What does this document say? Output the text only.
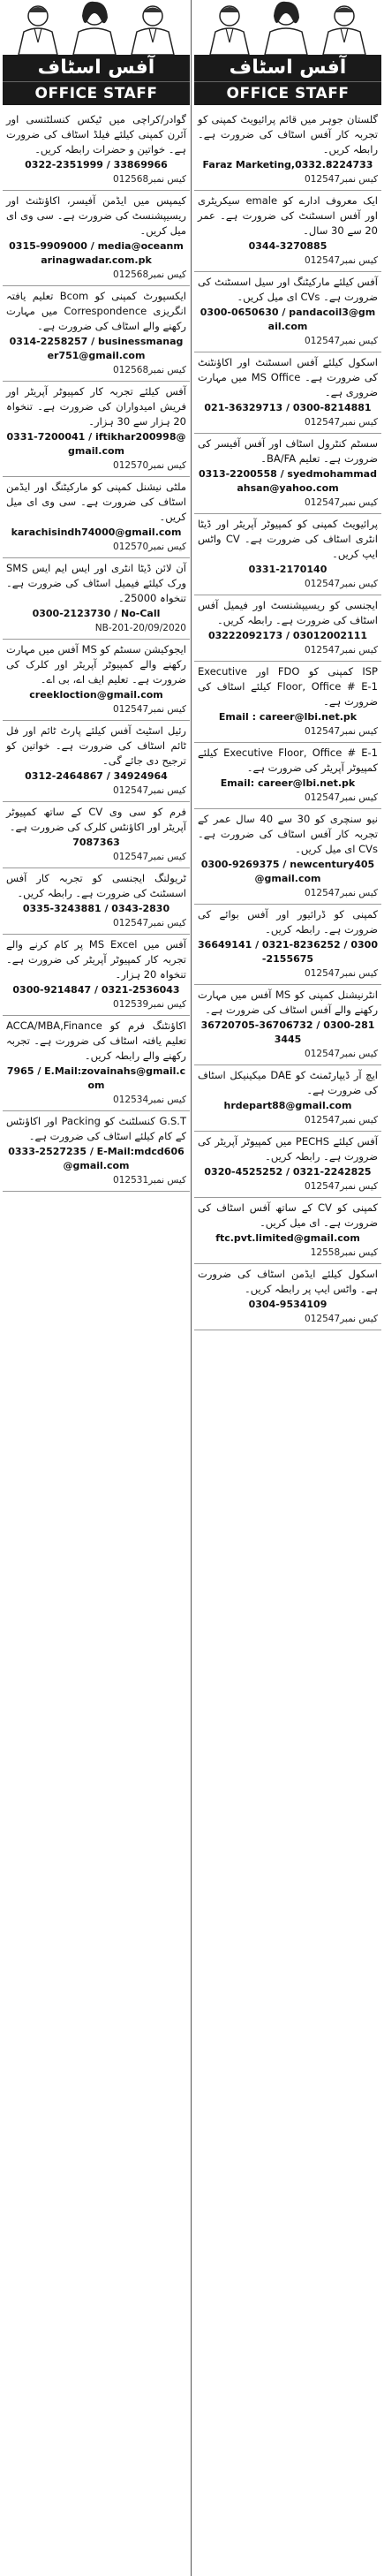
آفس اسٹاف
OFFICE STAFF
گوادر/کراچی میں ٹیکس کنسلٹنسی اور آئرن کمپنی کیلئے فیلڈ اسٹاف کی ضرورت ہے۔ خواتین و حضرات رابطہ کریں۔
0322-2351999 / 33869966
کیس نمبر012568
کیمپس میں ایڈمن آفیسر، اکاؤنٹنٹ اور ریسیپشنسٹ کی ضرورت ہے۔ سی وی ای میل کریں۔
0315-9909000 / media@oceanmarinagwadar.com.pk
کیس نمبر012568
ایکسپورٹ کمپنی کو Bcom تعلیم یافتہ انگریزی Correspondence میں مہارت رکھنے والے اسٹاف کی ضرورت ہے۔
0314-2258257 / businessmanager751@gmail.com
کیس نمبر012568
آفس کیلئے تجربہ کار کمپیوٹر آپریٹر اور فریش امیدواران کی ضرورت ہے۔ تنخواہ 20 ہزار سے 30 ہزار۔
0331-7200041 / iftikhar200998@gmail.com
کیس نمبر012570
ملٹی نیشنل کمپنی کو مارکیٹنگ اور ایڈمن اسٹاف کی ضرورت ہے۔ سی وی ای میل کریں۔
karachisindh74000@gmail.com
کیس نمبر012570
آن لائن ڈیٹا انٹری اور ایس ایم ایس SMS ورک کیلئے فیمیل اسٹاف کی ضرورت ہے۔ تنخواہ 25000۔
0300-2123730 / No-Call
NB-201-20/09/2020
ایجوکیشن سسٹم کو MS آفس میں مہارت رکھنے والے کمپیوٹر آپریٹر اور کلرک کی ضرورت ہے۔ تعلیم ایف اے، بی اے۔
creekloction@gmail.com
کیس نمبر012547
رئیل اسٹیٹ آفس کیلئے پارٹ ٹائم اور فل ٹائم اسٹاف کی ضرورت ہے۔ خواتین کو ترجیح دی جائے گی۔
0312-2464867 / 34924964
کیس نمبر012547
فرم کو سی وی CV کے ساتھ کمپیوٹر آپریٹر اور اکاؤنٹس کلرک کی ضرورت ہے۔
7087363
کیس نمبر012547
ٹریولنگ ایجنسی کو تجربہ کار آفس اسسٹنٹ کی ضرورت ہے۔ رابطہ کریں۔
0335-3243881 / 0343-2830
کیس نمبر012547
آفس میں MS Excel پر کام کرنے والے تجربہ کار کمپیوٹر آپریٹر کی ضرورت ہے۔ تنخواہ 20 ہزار۔
0300-9214847 / 0321-2536043
کیس نمبر012539
اکاؤنٹنگ فرم کو ACCA/MBA,Finance تعلیم یافتہ اسٹاف کی ضرورت ہے۔ تجربہ رکھنے والے رابطہ کریں۔
7965 / E.Mail:zovainahs@gmail.com
کیس نمبر012534
G.S.T کنسلٹنٹ کو Packing اور اکاؤنٹس کے کام کیلئے اسٹاف کی ضرورت ہے۔
0333-2527235 / E-Mail:mdcd606@gmail.com
کیس نمبر012531
آفس اسٹاف
OFFICE STAFF
گلستان جوہر میں قائم پرائیویٹ کمپنی کو تجربہ کار آفس اسٹاف کی ضرورت ہے۔ رابطہ کریں۔
Faraz Marketing,0332.8224733
کیس نمبر012547
ایک معروف ادارے کو emale سیکریٹری اور آفس اسسٹنٹ کی ضرورت ہے۔ عمر 20 سے 30 سال۔
0344-3270885
کیس نمبر012547
آفس کیلئے مارکیٹنگ اور سیل اسسٹنٹ کی ضرورت ہے۔ CVs ای میل کریں۔
0300-0650630 / pandacoil3@gmail.com
کیس نمبر012547
اسکول کیلئے آفس اسسٹنٹ اور اکاؤنٹنٹ کی ضرورت ہے۔ MS Office میں مہارت ضروری ہے۔
021-36329713 / 0300-8214881
کیس نمبر012547
سسٹم کنٹرول اسٹاف اور آفس آفیسر کی ضرورت ہے۔ تعلیم BA/FA۔
0313-2200558 / syedmohammadahsan@yahoo.com
کیس نمبر012547
پرائیویٹ کمپنی کو کمپیوٹر آپریٹر اور ڈیٹا انٹری اسٹاف کی ضرورت ہے۔ CV واٹس ایپ کریں۔
0331-2170140
کیس نمبر012547
ایجنسی کو ریسیپشنسٹ اور فیمیل آفس اسٹاف کی ضرورت ہے۔ رابطہ کریں۔
03222092173 / 03012002111
کیس نمبر012547
ISP کمپنی کو FDO اور Executive Floor, Office # E-1 کیلئے اسٹاف کی ضرورت ہے۔
Email : career@lbi.net.pk
کیس نمبر012547
Executive Floor, Office # E-1 کیلئے کمپیوٹر آپریٹر کی ضرورت ہے۔
Email: career@lbi.net.pk
کیس نمبر012547
نیو سنچری کو 30 سے 40 سال عمر کے تجربہ کار آفس اسٹاف کی ضرورت ہے۔ CVs ای میل کریں۔
0300-9269375 / newcentury405@gmail.com
کیس نمبر012547
کمپنی کو ڈرائیور اور آفس بوائے کی ضرورت ہے۔ رابطہ کریں۔
36649141 / 0321-8236252 / 0300-2155675
کیس نمبر012547
انٹرنیشنل کمپنی کو MS آفس میں مہارت رکھنے والے آفس اسٹاف کی ضرورت ہے۔
36720705-36706732 / 0300-2813445
کیس نمبر012547
ایچ آر ڈیپارٹمنٹ کو DAE میکینیکل اسٹاف کی ضرورت ہے۔
hrdepart88@gmail.com
کیس نمبر012547
آفس کیلئے PECHS میں کمپیوٹر آپریٹر کی ضرورت ہے۔ رابطہ کریں۔
0320-4525252 / 0321-2242825
کیس نمبر012547
کمپنی کو CV کے ساتھ آفس اسٹاف کی ضرورت ہے۔ ای میل کریں۔
ftc.pvt.limited@gmail.com
کیس نمبر12558
اسکول کیلئے ایڈمن اسٹاف کی ضرورت ہے۔ واٹس ایپ پر رابطہ کریں۔
0304-9534109
کیس نمبر012547
